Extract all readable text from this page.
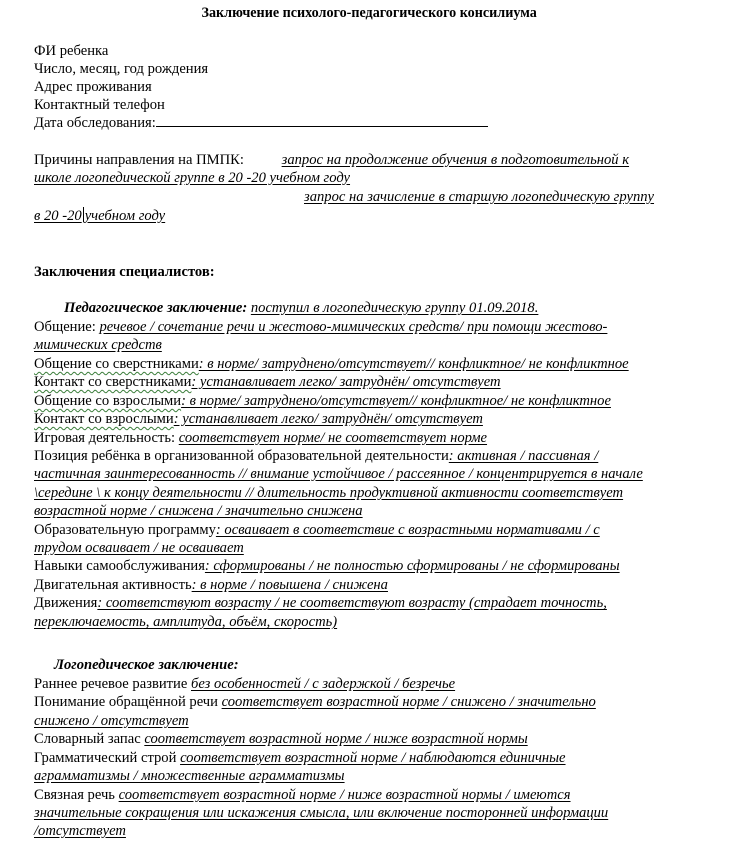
Заключение психолого-педагогического консилиума
ФИ ребенка
Число, месяц, год рождения
Адрес проживания
Контактный телефон
Дата обследования:
Причины направления на ПМПК:	запрос на продолжение обучения в подготовительной к
школе логопедической группе в 20 -20 учебном году
запрос на зачисление в старшую логопедическую группу
в 20 -20 учебном году
Заключения специалистов:
Педагогическое заключение: поступил в логопедическую группу 01.09.2018.
Общение: речевое / сочетание речи и жестово-мимических средств/ при помощи жестово-
мимических средств
Общение со сверстниками: в норме/ затруднено/отсутствует// конфликтное/ не конфликтное
Контакт со сверстниками: устанавливает легко/ затруднён/ отсутствует
Общение со взрослыми: в норме/ затруднено/отсутствует// конфликтное/ не конфликтное
Контакт со взрослыми: устанавливает легко/ затруднён/ отсутствует
Игровая деятельность: соответствует норме/ не соответствует норме
Позиция ребёнка в организованной образовательной деятельности: активная / пассивная /
частичная заинтересованность // внимание устойчивое / рассеянное / концентрируется в начале
\середине \ к концу деятельности // длительность продуктивной активности соответствует
возрастной норме / снижена / значительно снижена
Образовательную программу: осваивает в соответствие с возрастными нормативами / с
трудом осваивает / не осваивает
Навыки самообслуживания: сформированы / не полностью сформированы / не сформированы
Двигательная активность: в норме / повышена / снижена
Движения: соответствуют возрасту / не соответствуют возрасту (страдает точность,
переключаемость, амплитуда, объём, скорость)
Логопедическое заключение:
Раннее речевое развитие без особенностей / с задержкой / безречье
Понимание обращённой речи соответствует возрастной норме / снижено / значительно
снижено / отсутствует
Словарный запас соответствует возрастной норме / ниже возрастной нормы
Грамматический строй соответствует возрастной норме / наблюдаются единичные
аграмматизмы / множественные аграмматизмы
Связная речь соответствует возрастной норме / ниже возрастной нормы / имеются
значительные сокращения или искажения смысла, или включение посторонней информации
/отсутствует
